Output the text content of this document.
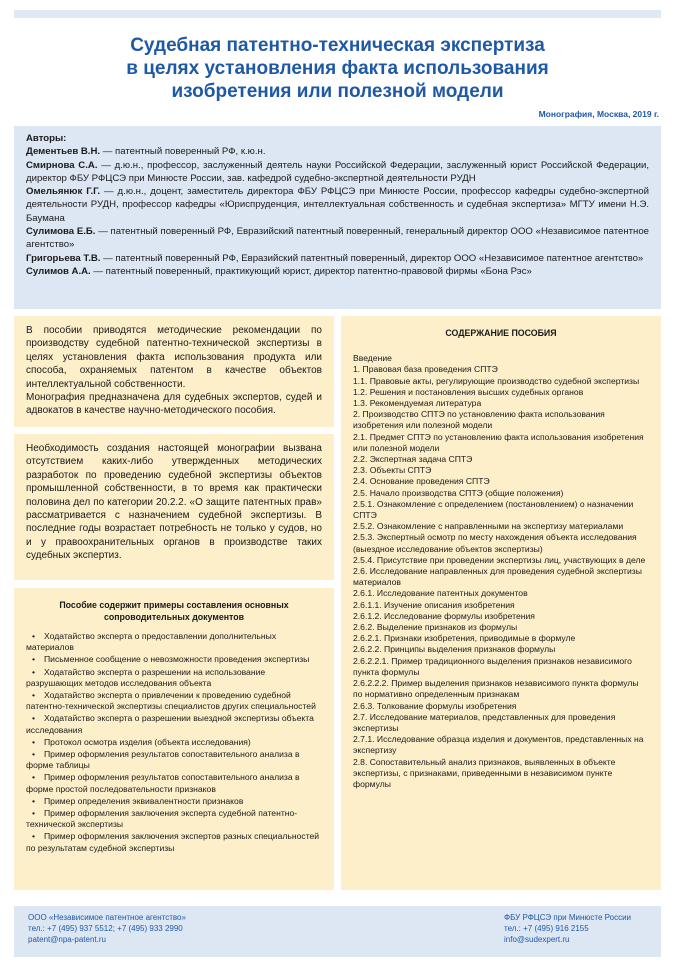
Судебная патентно-техническая экспертиза
в целях установления факта использования
изобретения или полезной модели
Монография, Москва, 2019 г.
Авторы:
Дементьев В.Н. — патентный поверенный РФ, к.ю.н.
Смирнова С.А. — д.ю.н., профессор, заслуженный деятель науки Российской Федерации, заслуженный юрист Российской Федерации, директор ФБУ РФЦСЭ при Минюсте России, зав. кафедрой судебно-экспертной деятельности РУДН
Омельянюк Г.Г. — д.ю.н., доцент, заместитель директора ФБУ РФЦСЭ при Минюсте России, профессор кафедры судебно-экспертной деятельности РУДН, профессор кафедры «Юриспруденция, интеллектуальная собственность и судебная экспертиза» МГТУ имени Н.Э. Баумана
Сулимова Е.Б. — патентный поверенный РФ, Евразийский патентный поверенный, генеральный директор ООО «Независимое патентное агентство»
Григорьева Т.В. — патентный поверенный РФ, Евразийский патентный поверенный, директор ООО «Независимое патентное агентство»
Сулимов А.А. — патентный поверенный, практикующий юрист, директор патентно-правовой фирмы «Бона Рэс»

В пособии приводятся методические рекомендации по производству судебной патентно-технической экспертизы в целях установления факта использования продукта или способа, охраняемых патентом в качестве объектов интеллектуальной собственности.

Монография предназначена для судебных экспертов, судей и адвокатов в качестве научно-методического пособия.

Необходимость создания настоящей монографии вызвана отсутствием каких-либо утвержденных методических разработок по проведению судебной экспертизы объектов промышленной собственности, в то время как практически половина дел по категории 20.2.2. «О защите патентных прав» рассматривается с назначением судебной экспертизы. В последние годы возрастает потребность не только у судов, но и у правоохранительных органов в производстве таких судебных экспертиз.

Пособие содержит примеры составления основных сопроводительных документов
• Ходатайство эксперта о предоставлении дополнительных материалов
• Письменное сообщение о невозможности проведения экспертизы
• Ходатайство эксперта о разрешении на использование разрушающих методов исследования объекта
• Ходатайство эксперта о привлечении к проведению судебной патентно-технической экспертизы специалистов других специальностей
• Ходатайство эксперта о разрешении выездной экспертизы объекта исследования
• Протокол осмотра изделия (объекта исследования)
• Пример оформления результатов сопоставительного анализа в форме таблицы
• Пример оформления результатов сопоставительного анализа в форме простой последовательности признаков
• Пример определения эквивалентности признаков
• Пример оформления заключения эксперта судебной патентно-технической экспертизы
• Пример оформления заключения экспертов разных специальностей по результатам судебной экспертизы
СОДЕРЖАНИЕ ПОСОБИЯ
Введение
1. Правовая база проведения СПТЭ
1.1. Правовые акты, регулирующие производство судебной экспертизы
1.2. Решения и постановления высших судебных органов
1.3. Рекомендуемая литература
2. Производство СПТЭ по установлению факта использования изобретения или полезной модели
2.1. Предмет СПТЭ по установлению факта использования изобретения или полезной модели
2.2. Экспертная задача СПТЭ
2.3. Объекты СПТЭ
2.4. Основание проведения СПТЭ
2.5. Начало производства СПТЭ (общие положения)
2.5.1. Ознакомление с определением (постановлением) о назначении СПТЭ
2.5.2. Ознакомление с направленными на экспертизу материалами
2.5.3. Экспертный осмотр по месту нахождения объекта исследования (выездное исследование объектов экспертизы)
2.5.4. Присутствие при проведении экспертизы лиц, участвующих в деле
2.6. Исследование направленных для проведения судебной экспертизы материалов
2.6.1. Исследование патентных документов
2.6.1.1. Изучение описания изобретения
2.6.1.2. Исследование формулы изобретения
2.6.2. Выделение признаков из формулы
2.6.2.1. Признаки изобретения, приводимые в формуле
2.6.2.2. Принципы выделения признаков формулы
2.6.2.2.1. Пример традиционного выделения признаков независимого пункта формулы
2.6.2.2.2. Пример выделения признаков независимого пункта формулы по нормативно определенным признакам
2.6.3. Толкование формулы изобретения
2.7. Исследование материалов, представленных для проведения экспертизы
2.7.1. Исследование образца изделия и документов, представленных на экспертизу
2.8. Сопоставительный анализ признаков, выявленных в объекте экспертизы, с признаками, приведенными в независимом пункте формулы
ООО «Независимое патентное агентство»
тел.: +7 (495) 937 5512; +7 (495) 933 2990
patent@npa-patent.ru
ФБУ РФЦСЭ при Минюсте России
тел.: +7 (495) 916 2155
info@sudexpert.ru
